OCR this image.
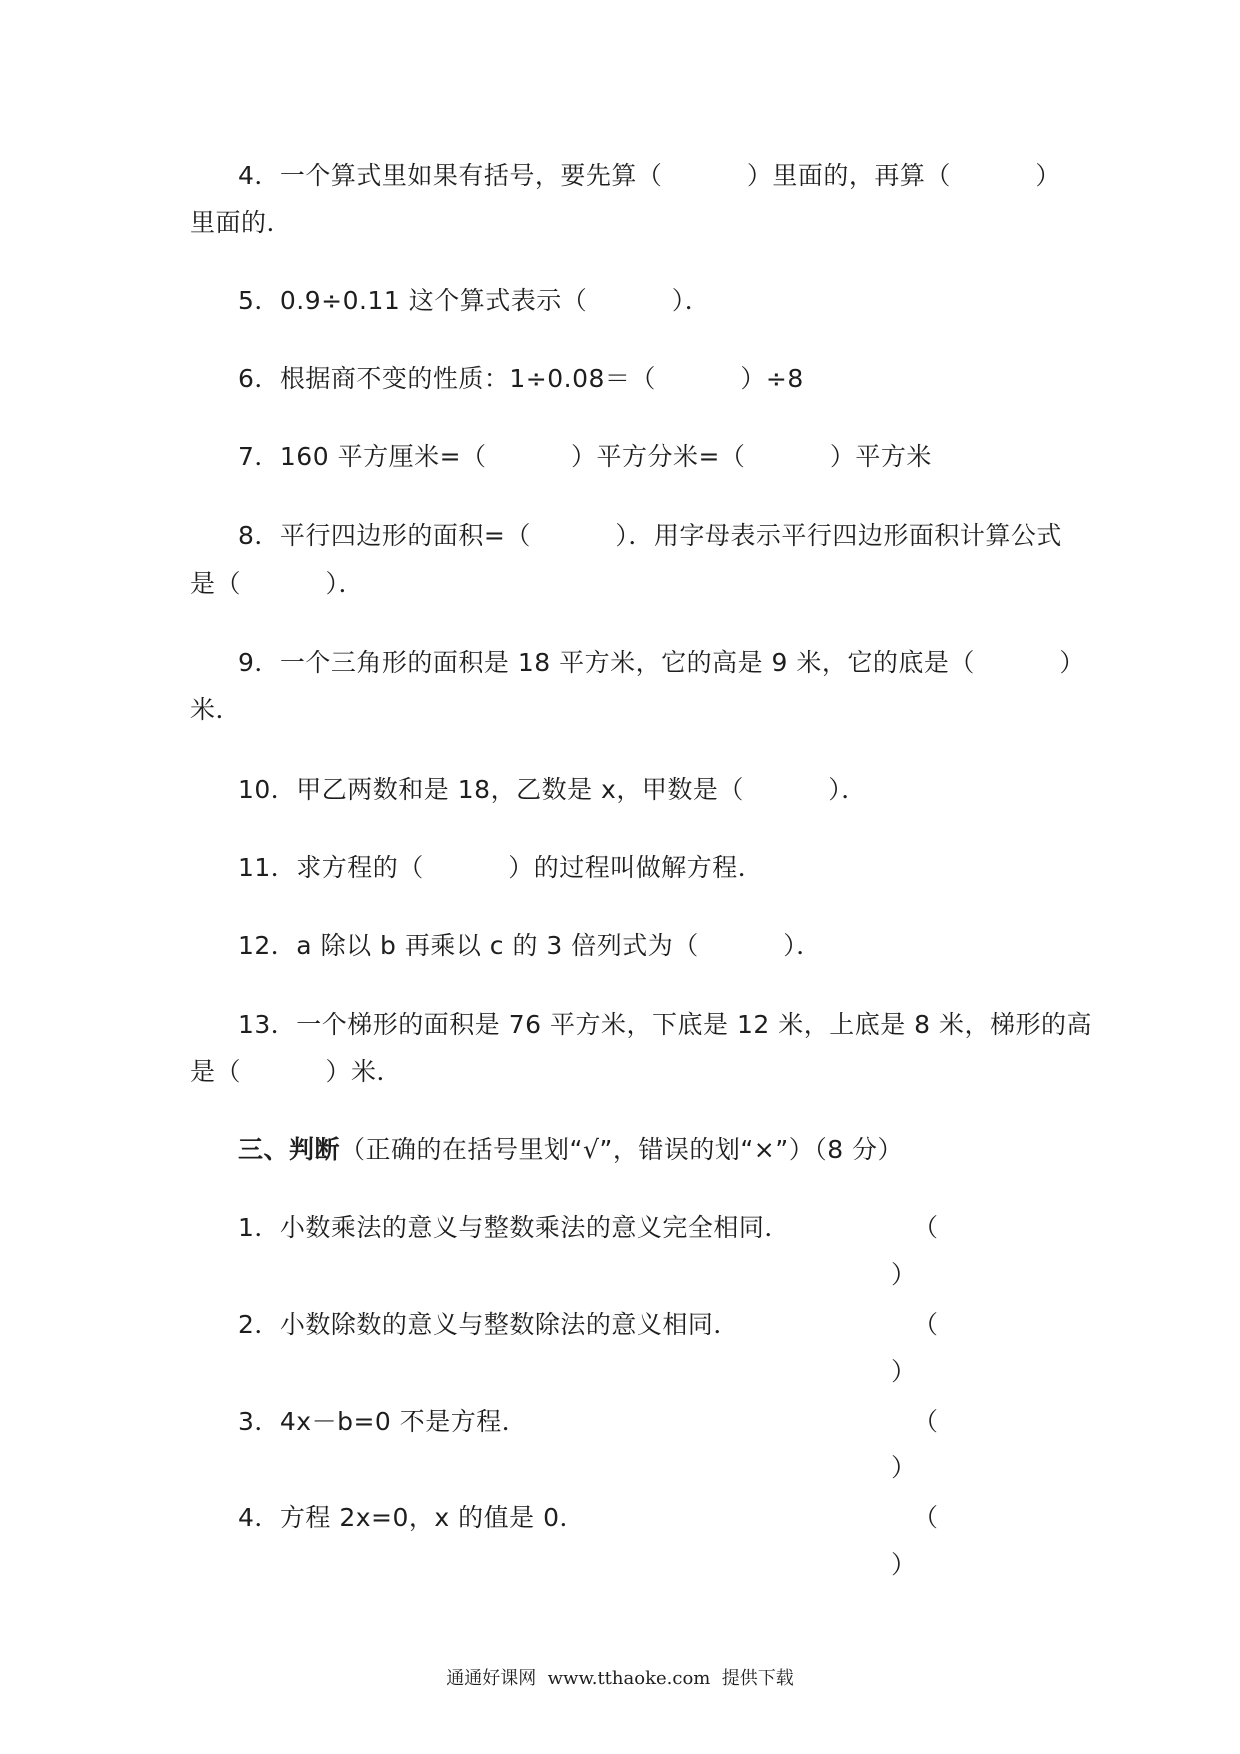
4．一个算式里如果有括号，要先算（          ）里面的，再算（          ）
里面的．
5．0.9÷0.11 这个算式表示（          ）．
6．根据商不变的性质：1÷0.08＝（          ）÷8
7．160 平方厘米=（          ）平方分米=（          ）平方米
8．平行四边形的面积=（          ）．用字母表示平行四边形面积计算公式
是（          ）．
9．一个三角形的面积是 18 平方米，它的高是 9 米，它的底是（          ）
米．
10．甲乙两数和是 18，乙数是 x，甲数是（          ）．
11．求方程的（          ）的过程叫做解方程．
12．a 除以 b 再乘以 c 的 3 倍列式为（          ）．
13．一个梯形的面积是 76 平方米，下底是 12 米，上底是 8 米，梯形的高
是（          ）米．
三、判断（正确的在括号里划“√”，错误的划“×”）（8 分）
1．小数乘法的意义与整数乘法的意义完全相同．	（
）
2．小数除数的意义与整数除法的意义相同．	（
）
3．4x－b=0 不是方程．	（
）
4．方程 2x=0，x 的值是 0．	（
）
通通好课网  www.tthaoke.com  提供下载
